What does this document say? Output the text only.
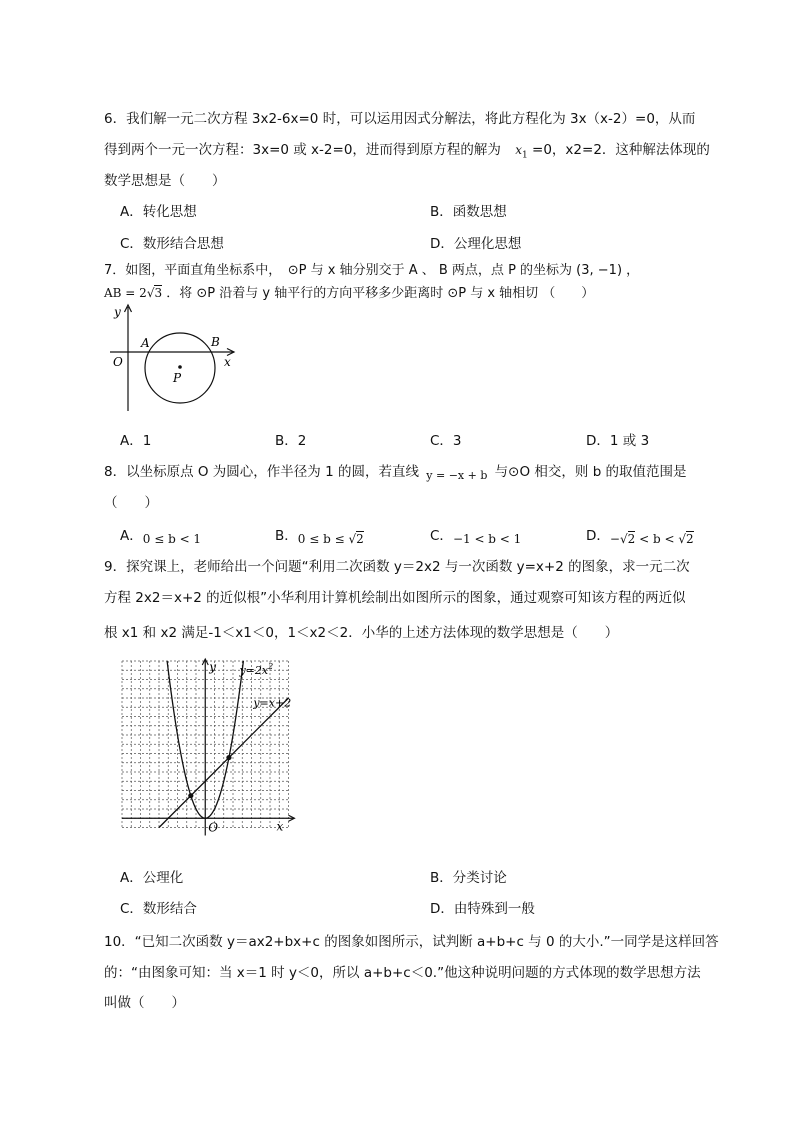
6．我们解一元二次方程 3x2-6x=0 时，可以运用因式分解法，将此方程化为 3x（x-2）=0，从而
得到两个一元一次方程：3x=0 或 x-2=0，进而得到原方程的解为 $x_1 =0$，x2=2．这种解法体现的
数学思想是（　　）
A．转化思想	B．函数思想
C．数形结合思想	D．公理化思想
7．如图，平面直角坐标系中，　⊙P 与 x 轴分别交于 A 、 B 两点，点 P 的坐标为 (3, −1) ，
AB = 2√3 ．将 ⊙P 沿着与 y 轴平行的方向平移多少距离时 ⊙P 与 x 轴相切 （　　）
y
x
O
A	B
P
A．1	B．2	C．3	D．1 或 3
8．以坐标原点 O 为圆心，作半径为 1 的圆，若直线 $_{y = -x + b}$ 与⊙O 相交，则 b 的取值范围是
（　　）
A．0 ≤ b < 1	B．0 ≤ b ≤ √2	C．−1 < b < 1	D．−√2 < b < √2
9．探究课上，老师给出一个问题“利用二次函数 y＝2x2 与一次函数 y=x+2 的图象，求一元二次
方程 2x2＝x+2 的近似根”小华利用计算机绘制出如图所示的图象，通过观察可知该方程的两近似
根 x1 和 x2 满足-1＜x1＜0，1＜x2＜2．小华的上述方法体现的数学思想是（　　）
y
x
O
$y=2x^2$
y=x+2
A．公理化	B．分类讨论
C．数形结合	D．由特殊到一般
10．“已知二次函数 y＝ax2+bx+c 的图象如图所示，试判断 a+b+c 与 0 的大小.”一同学是这样回答
的：“由图象可知：当 x＝1 时 y＜0，所以 a+b+c＜0.”他这种说明问题的方式体现的数学思想方法
叫做（　　）
